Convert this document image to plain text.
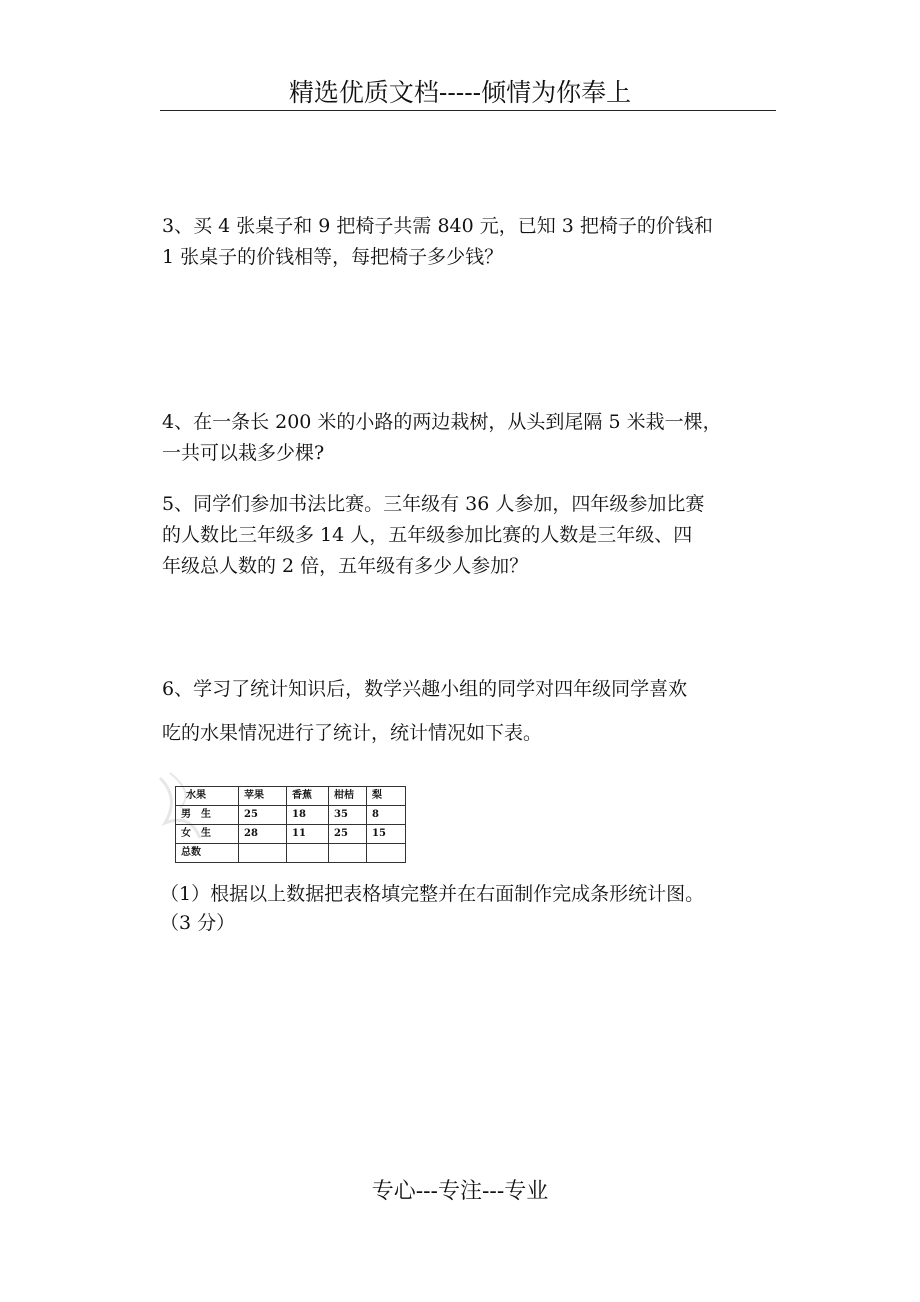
精选优质文档-----倾情为你奉上

3、买 4 张桌子和 9 把椅子共需 840 元，已知 3 把椅子的价钱和

1 张桌子的价钱相等，每把椅子多少钱？

4、在一条长 200 米的小路的两边栽树，从头到尾隔 5 米栽一棵，

一共可以栽多少棵?

5、同学们参加书法比赛。三年级有 36 人参加，四年级参加比赛

的人数比三年级多 14 人，五年级参加比赛的人数是三年级、四

年级总人数的 2 倍，五年级有多少人参加？

6、学习了统计知识后，数学兴趣小组的同学对四年级同学喜欢

吃的水果情况进行了统计，统计情况如下表。

水果	苹果	香蕉	柑桔	梨
男　生	25	18	35	8
女　生	28	11	25	15
总数				

（1）根据以上数据把表格填完整并在右面制作完成条形统计图。

（3 分）

专心---专注---专业
